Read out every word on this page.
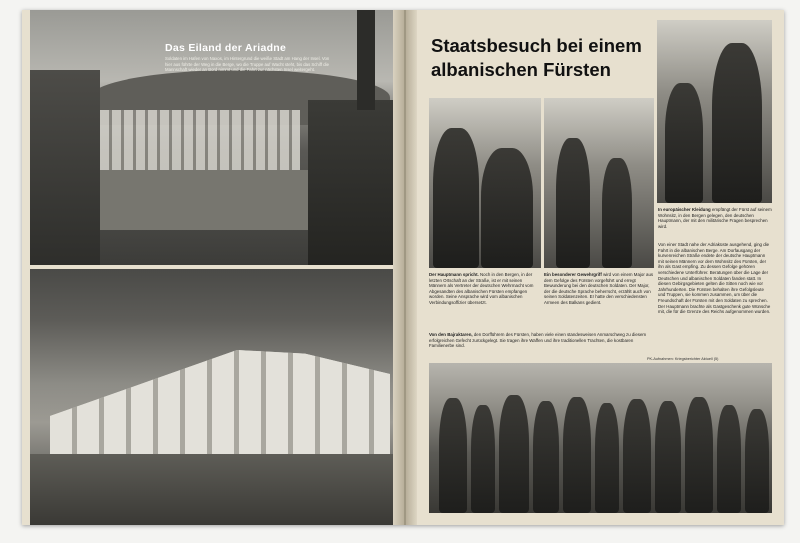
Das Eiland der Ariadne
Soldaten im Hafen von Naxos, im Hintergrund die weiße Stadt am Hang der Insel. Von hier aus führte der Weg in die Berge, wo die Truppe auf Wacht steht, bis das Schiff die Mannschaft wieder an Bord nimmt und die Fahrt zur nächsten Insel weitergeht.
Staatsbesuch bei einem albanischen Fürsten
Der Hauptmann spricht. Noch in den Bergen, in der letzten Ortschaft an der Straße, ist er mit seinen Männern als Vertreter der deutschen Wehrmacht vom Abgesandten des albanischen Fürsten empfangen worden. Seine Ansprache wird vom albanischen Verbindungsoffizier übersetzt.
Ein besonderer Gewehrgriff wird von einem Major aus dem Gefolge des Fürsten vorgeführt und erregt Bewunderung bei den deutschen Soldaten. Der Major, der die deutsche Sprache beherrscht, erzählt auch von seinen Soldatenzeiten. Er hatte den verschiedensten Armeen des Balkans gedient.
In europäischer Kleidung empfängt der Fürst auf seinem Wohnsitz, in den Bergen gelegen, den deutschen Hauptmann, der mit den militärische Fragen besprechen wird.
Von einer Stadt nahe der Adriaküste ausgehend, ging die Fahrt in die albanischen Berge. Am Dorfausgang der kurvenreichen Straße endete der deutsche Hauptmann mit seinen Männern vor dem Wohnsitz des Fürsten, der ihn als Gast empfing. Zu dessen Gefolge gehören verschiedene Unterführer. Beratungen über die Lage der Deutschen und albanischen Soldaten fanden statt. In diesen Gebirgsgebieten gelten die Sitten noch wie vor Jahrhunderten. Die Fürsten behalten ihre Gefolgsleute und Truppen, sie kommen zusammen, um über die Freundschaft der Fürsten mit den Soldaten zu sprechen. Der Hauptmann brachte als Gastgeschenk gute Wünsche mit, die für die Grenze des Reichs aufgenommen wurden.
Von den Bajraktaren, den Dorfführern des Fürsten, haben viele einen standesweisen Anmarschweg zu diesem erfolgreichen Gefecht zurückgelegt. Sie tragen ihre Waffen und ihre traditionellen Trachten, die kostbaren Familienerbe sind.
PK-Aufnahmen: Kriegsberichter Aktuell (5)
